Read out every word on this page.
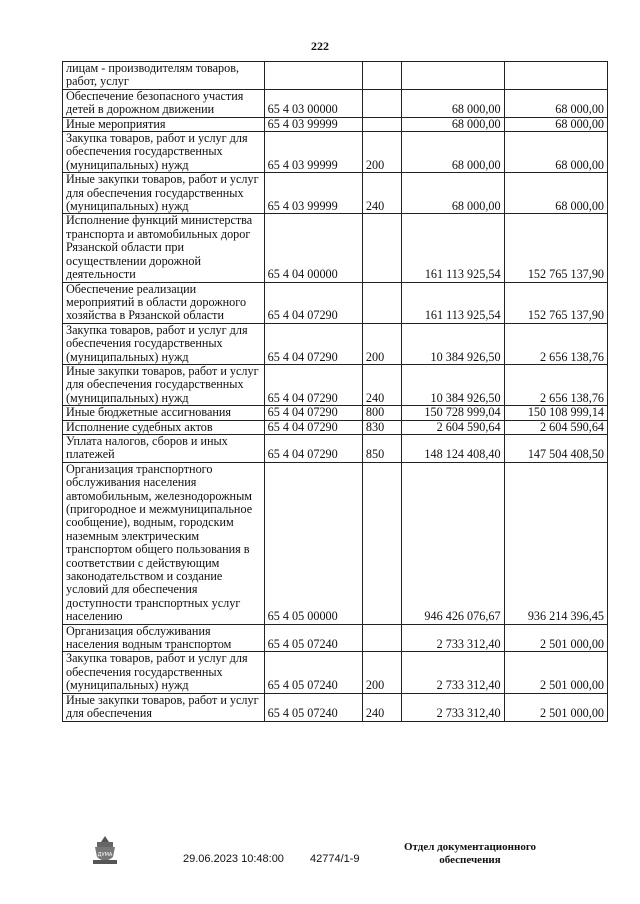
222
лицам - производителям товаров, работ, услуг				
Обеспечение безопасного участия детей в дорожном движении	65 4 03 00000		68 000,00	68 000,00
Иные мероприятия	65 4 03 99999		68 000,00	68 000,00
Закупка товаров, работ и услуг для обеспечения государственных (муниципальных) нужд	65 4 03 99999	200	68 000,00	68 000,00
Иные закупки товаров, работ и услуг для обеспечения государственных (муниципальных) нужд	65 4 03 99999	240	68 000,00	68 000,00
Исполнение функций министерства транспорта и автомобильных дорог Рязанской области при осуществлении дорожной деятельности	65 4 04 00000		161 113 925,54	152 765 137,90
Обеспечение реализации мероприятий в области дорожного хозяйства в Рязанской области	65 4 04 07290		161 113 925,54	152 765 137,90
Закупка товаров, работ и услуг для обеспечения государственных (муниципальных) нужд	65 4 04 07290	200	10 384 926,50	2 656 138,76
Иные закупки товаров, работ и услуг для обеспечения государственных (муниципальных) нужд	65 4 04 07290	240	10 384 926,50	2 656 138,76
Иные бюджетные ассигнования	65 4 04 07290	800	150 728 999,04	150 108 999,14
Исполнение судебных актов	65 4 04 07290	830	2 604 590,64	2 604 590,64
Уплата налогов, сборов и иных платежей	65 4 04 07290	850	148 124 408,40	147 504 408,50
Организация транспортного обслуживания населения автомобильным, железнодорожным (пригородное и межмуниципальное сообщение), водным, городским наземным электрическим транспортом общего пользования в соответствии с действующим законодательством и создание условий для обеспечения доступности транспортных услуг населению	65 4 05 00000		946 426 076,67	936 214 396,45
Организация обслуживания населения водным транспортом	65 4 05 07240		2 733 312,40	2 501 000,00
Закупка товаров, работ и услуг для обеспечения государственных (муниципальных) нужд	65 4 05 07240	200	2 733 312,40	2 501 000,00
Иные закупки товаров, работ и услуг для обеспечения	65 4 05 07240	240	2 733 312,40	2 501 000,00
ДУМА	29.06.2023 10:48:00 42774/1-9
Отдел документационного обеспечения
